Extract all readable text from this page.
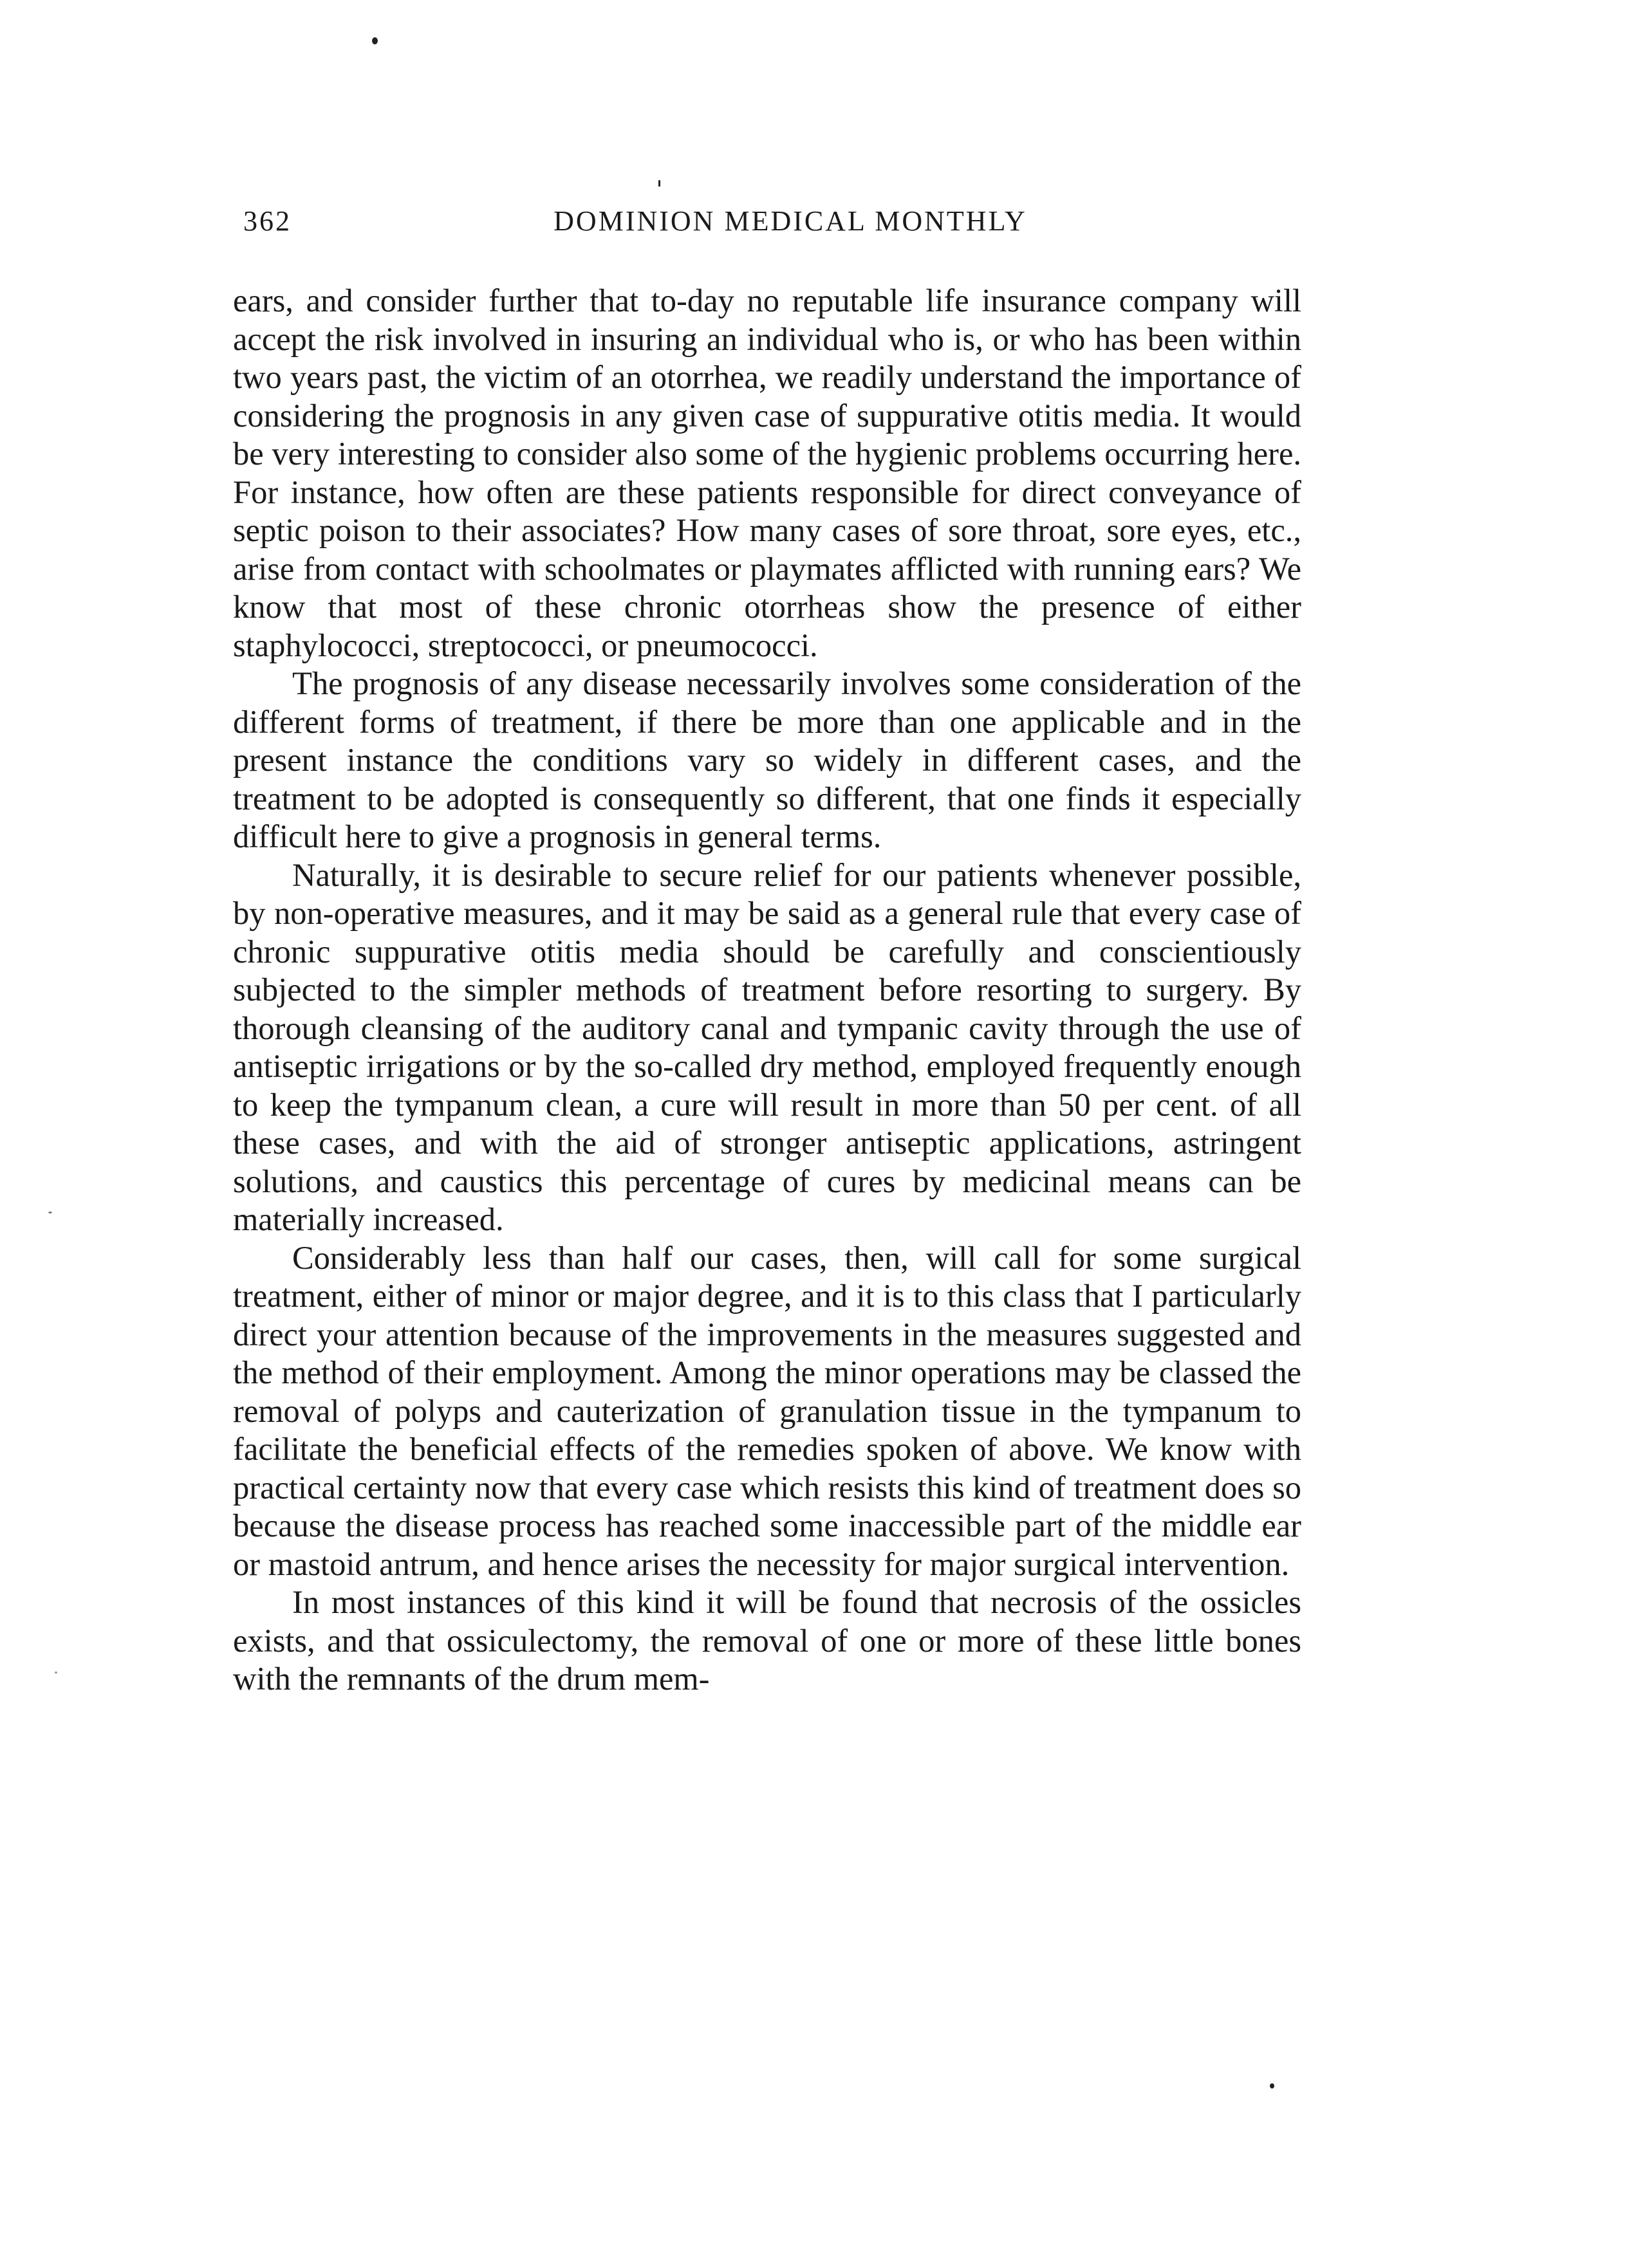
362	DOMINION MEDICAL MONTHLY

ears, and consider further that to-day no reputable life insurance company will accept the risk involved in insuring an individual who is, or who has been within two years past, the victim of an otorrhea, we readily understand the importance of considering the prognosis in any given case of suppurative otitis media. It would be very interesting to consider also some of the hygienic problems occurring here. For instance, how often are these patients responsible for direct conveyance of septic poison to their associates? How many cases of sore throat, sore eyes, etc., arise from contact with schoolmates or playmates afflicted with running ears? We know that most of these chronic otorrheas show the presence of either staphylococci, streptococci, or pneumococci.

The prognosis of any disease necessarily involves some consideration of the different forms of treatment, if there be more than one applicable and in the present instance the conditions vary so widely in different cases, and the treatment to be adopted is consequently so different, that one finds it especially difficult here to give a prognosis in general terms.

Naturally, it is desirable to secure relief for our patients whenever possible, by non-operative measures, and it may be said as a general rule that every case of chronic suppurative otitis media should be carefully and conscientiously subjected to the simpler methods of treatment before resorting to surgery. By thorough cleansing of the auditory canal and tympanic cavity through the use of antiseptic irrigations or by the so-called dry method, employed frequently enough to keep the tympanum clean, a cure will result in more than 50 per cent. of all these cases, and with the aid of stronger antiseptic applications, astringent solutions, and caustics this percentage of cures by medicinal means can be materially increased.

Considerably less than half our cases, then, will call for some surgical treatment, either of minor or major degree, and it is to this class that I particularly direct your attention because of the improvements in the measures suggested and the method of their employment. Among the minor operations may be classed the removal of polyps and cauterization of granulation tissue in the tympanum to facilitate the beneficial effects of the remedies spoken of above. We know with practical certainty now that every case which resists this kind of treatment does so because the disease process has reached some inaccessible part of the middle ear or mastoid antrum, and hence arises the necessity for major surgical intervention.

In most instances of this kind it will be found that necrosis of the ossicles exists, and that ossiculectomy, the removal of one or more of these little bones with the remnants of the drum mem-
